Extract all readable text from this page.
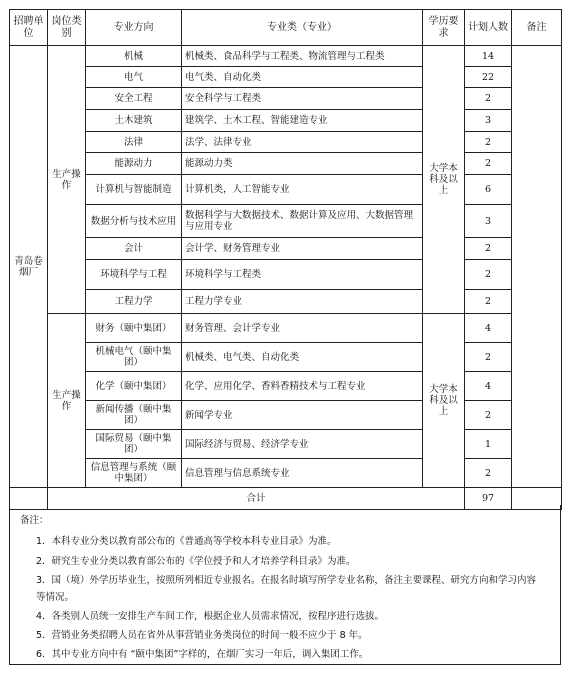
招聘单位	岗位类别	专业方向	专业类（专业）	学历要求	计划人数	备注
青岛卷烟厂	生产操作	机械	机械类、食品科学与工程类、物流管理与工程类	大学本科及以上	14	
		电气	电气类、自动化类		22	
		安全工程	安全科学与工程类		2	
		土木建筑	建筑学、土木工程、智能建造专业		3	
		法律	法学、法律专业		2	
		能源动力	能源动力类		2	
		计算机与智能制造	计算机类，人工智能专业		6	
		数据分析与技术应用	数据科学与大数据技术、数据计算及应用、大数据管理与应用专业		3	
		会计	会计学、财务管理专业		2	
		环境科学与工程	环境科学与工程类		2	
		工程力学	工程力学专业		2	
	生产操作	财务（颐中集团）	财务管理、会计学专业	大学本科及以上	4	
		机械电气（颐中集团）	机械类、电气类、自动化类		2	
		化学（颐中集团）	化学、应用化学、香料香精技术与工程专业		4	
		新闻传播（颐中集团）	新闻学专业		2	
		国际贸易（颐中集团）	国际经济与贸易、经济学专业		1	
		信息管理与系统（颐中集团）	信息管理与信息系统专业		2	
	合计				97	
备注：
1．本科专业分类以教育部公布的《普通高等学校本科专业目录》为准。
2．研究生专业分类以教育部公布的《学位授予和人才培养学科目录》为准。
3．国（境）外学历毕业生，按照所列相近专业报名。在报名时填写所学专业名称，备注主要课程、研究方向和学习内容等情况。
4．各类别人员统一安排生产车间工作，根据企业人员需求情况，按程序进行选拔。
5．营销业务类招聘人员在省外从事营销业务类岗位的时间一般不应少于 8 年。
6．其中专业方向中有 “颐中集团”字样的，在烟厂实习一年后，调入集团工作。
